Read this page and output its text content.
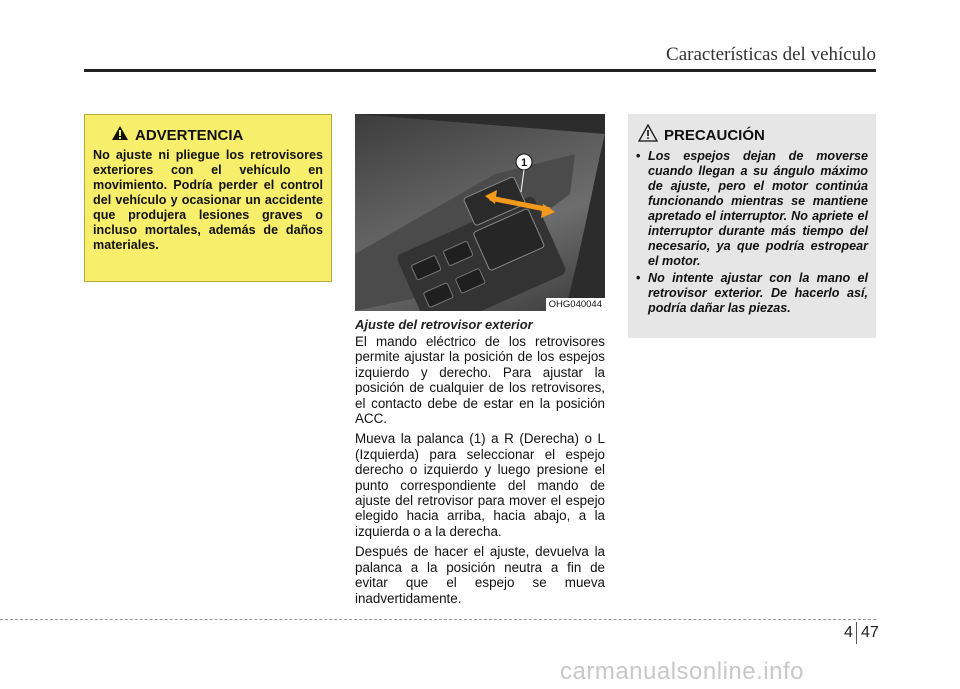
Características del vehículo
ADVERTENCIA
No ajuste ni pliegue los retrovisores exteriores con el vehículo en movimiento. Podría perder el control del vehículo y ocasionar un accidente que produjera lesiones graves o incluso mortales, además de daños materiales.
1
OHG040044
Ajuste del retrovisor exterior

El mando eléctrico de los retrovisores permite ajustar la posición de los espejos izquierdo y derecho. Para ajustar la posición de cualquier de los retrovisores, el contacto debe de estar en la posición ACC.

Mueva la palanca (1) a R (Derecha) o L (Izquierda) para seleccionar el espejo derecho o izquierdo y luego presione el punto correspondiente del mando de ajuste del retrovisor para mover el espejo elegido hacia arriba, hacia abajo, a la izquierda o a la derecha.

Después de hacer el ajuste, devuelva la palanca a la posición neutra a fin de evitar que el espejo se mueva inadvertidamente.

PRECAUCIÓN
• Los espejos dejan de moverse cuando llegan a su ángulo máximo de ajuste, pero el motor continúa funcionando mientras se mantiene apretado el interruptor. No apriete el interruptor durante más tiempo del necesario, ya que podría estropear el motor.
• No intente ajustar con la mano el retrovisor exterior. De hacerlo así, podría dañar las piezas.
4 47
carmanualsonline.info
